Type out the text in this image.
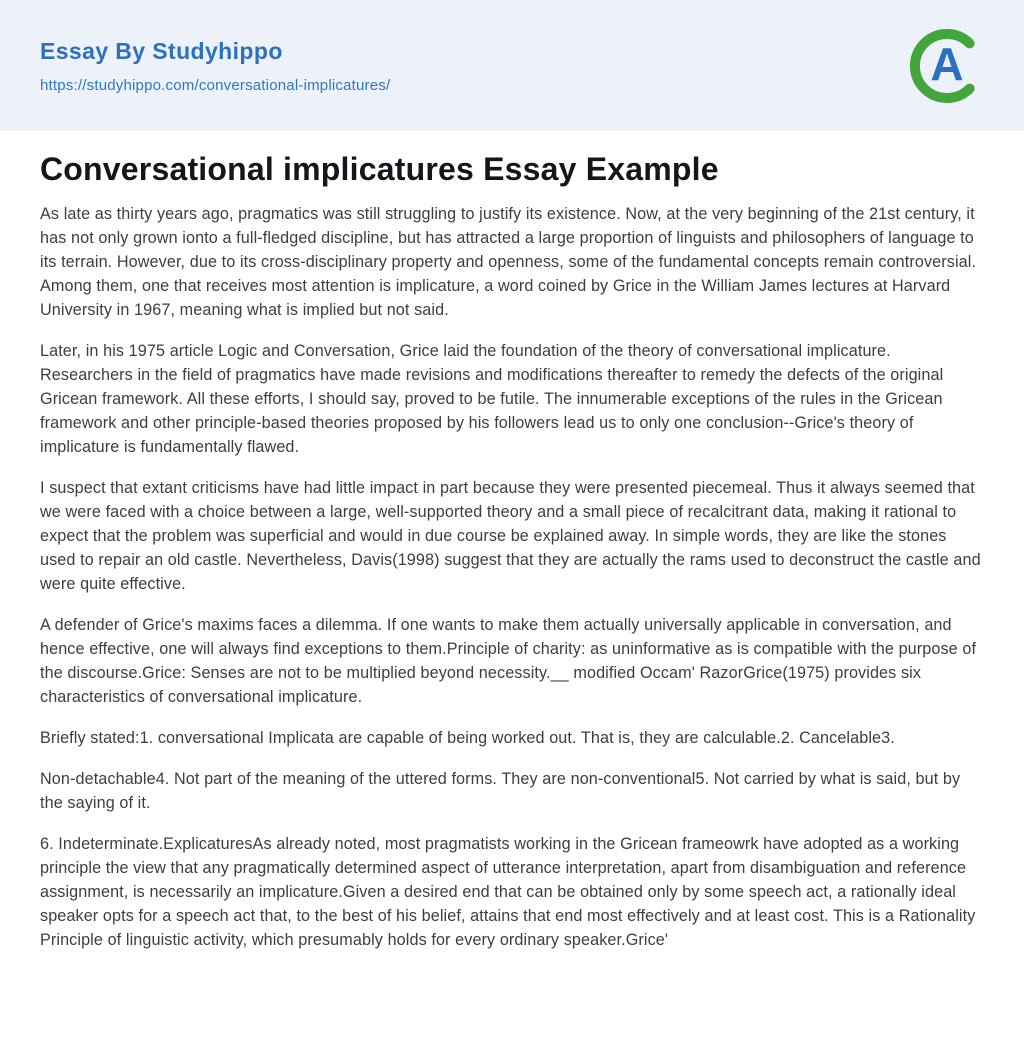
Essay By Studyhippo
https://studyhippo.com/conversational-implicatures/	A
Conversational implicatures Essay Example

As late as thirty years ago, pragmatics was still struggling to justify its existence. Now, at the very beginning of the 21st century, it has not only grown ionto a full-fledged discipline, but has attracted a large proportion of linguists and philosophers of language to its terrain. However, due to its cross-disciplinary property and openness, some of the fundamental concepts remain controversial. Among them, one that receives most attention is implicature, a word coined by Grice in the William James lectures at Harvard University in 1967, meaning what is implied but not said.

Later, in his 1975 article Logic and Conversation, Grice laid the foundation of the theory of conversational implicature. Researchers in the field of pragmatics have made revisions and modifications thereafter to remedy the defects of the original Gricean framework. All these efforts, I should say, proved to be futile. The innumerable exceptions of the rules in the Gricean framework and other principle-based theories proposed by his followers lead us to only one conclusion--Grice's theory of implicature is fundamentally flawed.

I suspect that extant criticisms have had little impact in part because they were presented piecemeal. Thus it always seemed that we were faced with a choice between a large, well-supported theory and a small piece of recalcitrant data, making it rational to expect that the problem was superficial and would in due course be explained away. In simple words, they are like the stones used to repair an old castle. Nevertheless, Davis(1998) suggest that they are actually the rams used to deconstruct the castle and were quite effective.

A defender of Grice's maxims faces a dilemma. If one wants to make them actually universally applicable in conversation, and hence effective, one will always find exceptions to them.Principle of charity: as uninformative as is compatible with the purpose of the discourse.Grice: Senses are not to be multiplied beyond necessity.__ modified Occam' RazorGrice(1975) provides six characteristics of conversational implicature.

Briefly stated:1. conversational Implicata are capable of being worked out. That is, they are calculable.2. Cancelable3.

Non-detachable4. Not part of the meaning of the uttered forms. They are non-conventional5. Not carried by what is said, but by the saying of it.

6. Indeterminate.ExplicaturesAs already noted, most pragmatists working in the Gricean frameowrk have adopted as a working principle the view that any pragmatically determined aspect of utterance interpretation, apart from disambiguation and reference assignment, is necessarily an implicature.Given a desired end that can be obtained only by some speech act, a rationally ideal speaker opts for a speech act that, to the best of his belief, attains that end most effectively and at least cost. This is a Rationality Principle of linguistic activity, which presumably holds for every ordinary speaker.Grice'
